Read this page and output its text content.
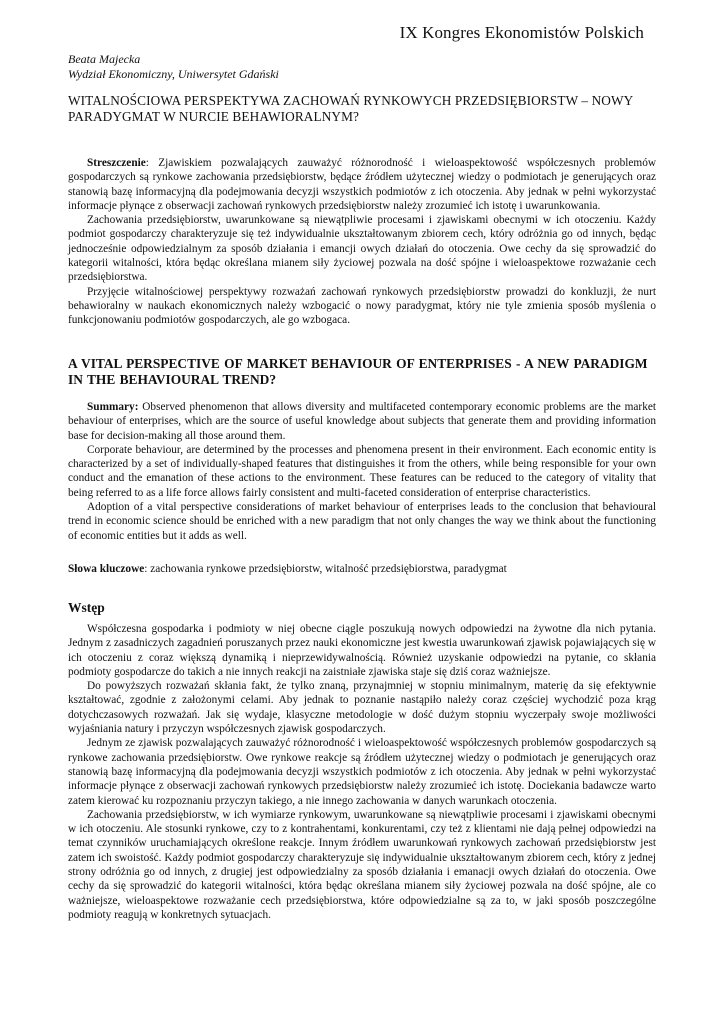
IX Kongres Ekonomistów Polskich
Beata Majecka
Wydział Ekonomiczny, Uniwersytet Gdański
WITALNOŚCIOWA PERSPEKTYWA ZACHOWAŃ RYNKOWYCH PRZEDSIĘBIORSTW – NOWY PARADYGMAT W NURCIE BEHAWIORALNYM?

Streszczenie: Zjawiskiem pozwalających zauważyć różnorodność i wieloaspektowość współczesnych problemów gospodarczych są rynkowe zachowania przedsiębiorstw, będące źródłem użytecznej wiedzy o podmiotach je generujących oraz stanowią bazę informacyjną dla podejmowania decyzji wszystkich podmiotów z ich otoczenia. Aby jednak w pełni wykorzystać informacje płynące z obserwacji zachowań rynkowych przedsiębiorstw należy zrozumieć ich istotę i uwarunkowania.

Zachowania przedsiębiorstw, uwarunkowane są niewątpliwie procesami i zjawiskami obecnymi w ich otoczeniu. Każdy podmiot gospodarczy charakteryzuje się też indywidualnie ukształtowanym zbiorem cech, który odróżnia go od innych, będąc jednocześnie odpowiedzialnym za sposób działania i emancji owych działań do otoczenia. Owe cechy da się sprowadzić do kategorii witalności, która będąc określana mianem siły życiowej pozwala na dość spójne i wieloaspektowe rozważanie cech przedsiębiorstwa.

Przyjęcie witalnościowej perspektywy rozważań zachowań rynkowych przedsiębiorstw prowadzi do konkluzji, że nurt behawioralny w naukach ekonomicznych należy wzbogacić o nowy paradygmat, który nie tyle zmienia sposób myślenia o funkcjonowaniu podmiotów gospodarczych, ale go wzbogaca.

A VITAL PERSPECTIVE OF MARKET BEHAVIOUR OF ENTERPRISES - A NEW PARADIGM IN THE BEHAVIOURAL TREND?

Summary: Observed phenomenon that allows diversity and multifaceted contemporary economic problems are the market behaviour of enterprises, which are the source of useful knowledge about subjects that generate them and providing information base for decision-making all those around them.

Corporate behaviour, are determined by the processes and phenomena present in their environment. Each economic entity is characterized by a set of individually-shaped features that distinguishes it from the others, while being responsible for your own conduct and the emanation of these actions to the environment. These features can be reduced to the category of vitality that being referred to as a life force allows fairly consistent and multi-faceted consideration of enterprise characteristics.

Adoption of a vital perspective considerations of market behaviour of enterprises leads to the conclusion that behavioural trend in economic science should be enriched with a new paradigm that not only changes the way we think about the functioning of economic entities but it adds as well.

Słowa kluczowe: zachowania rynkowe przedsiębiorstw, witalność przedsiębiorstwa, paradygmat
Wstęp

Współczesna gospodarka i podmioty w niej obecne ciągle poszukują nowych odpowiedzi na żywotne dla nich pytania. Jednym z zasadniczych zagadnień poruszanych przez nauki ekonomiczne jest kwestia uwarunkowań zjawisk pojawiających się w ich otoczeniu z coraz większą dynamiką i nieprzewidywalnością. Również uzyskanie odpowiedzi na pytanie, co skłania podmioty gospodarcze do takich a nie innych reakcji na zaistniałe zjawiska staje się dziś coraz ważniejsze.

Do powyższych rozważań skłania fakt, że tylko znaną, przynajmniej w stopniu minimalnym, materię da się efektywnie kształtować, zgodnie z założonymi celami. Aby jednak to poznanie nastąpiło należy coraz częściej wychodzić poza krąg dotychczasowych rozważań. Jak się wydaje, klasyczne metodologie w dość dużym stopniu wyczerpały swoje możliwości wyjaśniania natury i przyczyn współczesnych zjawisk gospodarczych.

Jednym ze zjawisk pozwalających zauważyć różnorodność i wieloaspektowość współczesnych problemów gospodarczych są rynkowe zachowania przedsiębiorstw. Owe rynkowe reakcje są źródłem użytecznej wiedzy o podmiotach je generujących oraz stanowią bazę informacyjną dla podejmowania decyzji wszystkich podmiotów z ich otoczenia. Aby jednak w pełni wykorzystać informacje płynące z obserwacji zachowań rynkowych przedsiębiorstw należy zrozumieć ich istotę. Dociekania badawcze warto zatem kierować ku rozpoznaniu przyczyn takiego, a nie innego zachowania w danych warunkach otoczenia.

Zachowania przedsiębiorstw, w ich wymiarze rynkowym, uwarunkowane są niewątpliwie procesami i zjawiskami obecnymi w ich otoczeniu. Ale stosunki rynkowe, czy to z kontrahentami, konkurentami, czy też z klientami nie dają pełnej odpowiedzi na temat czynników uruchamiających określone reakcje. Innym źródłem uwarunkowań rynkowych zachowań przedsiębiorstw jest zatem ich swoistość. Każdy podmiot gospodarczy charakteryzuje się indywidualnie ukształtowanym zbiorem cech, który z jednej strony odróżnia go od innych, z drugiej jest odpowiedzialny za sposób działania i emanacji owych działań do otoczenia. Owe cechy da się sprowadzić do kategorii witalności, która będąc określana mianem siły życiowej pozwala na dość spójne, ale co ważniejsze, wieloaspektowe rozważanie cech przedsiębiorstwa, które odpowiedzialne są za to, w jaki sposób poszczególne podmioty reagują w konkretnych sytuacjach.
